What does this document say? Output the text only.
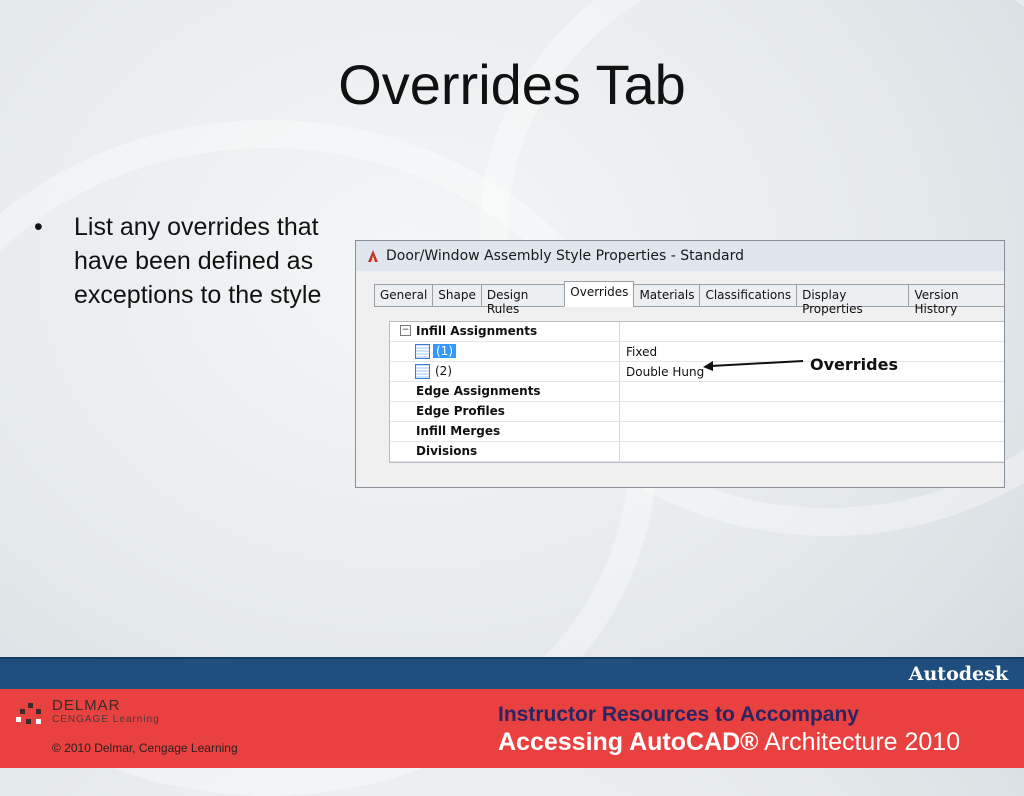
Overrides Tab
•	List any overrides that have been defined as exceptions to the style
Door/Window Assembly Style Properties - Standard
General Shape Design Rules
Overrides Materials Classifications Display Properties
Version History
− Infill Assignments
(1)	Fixed
(2)	Double Hung
Edge Assignments
Edge Profiles
Infill Merges
Divisions
Overrides
Autodesk
DELMAR
CENGAGE Learning
© 2010 Delmar, Cengage Learning
Instructor Resources to Accompany
Accessing AutoCAD® Architecture 2010
